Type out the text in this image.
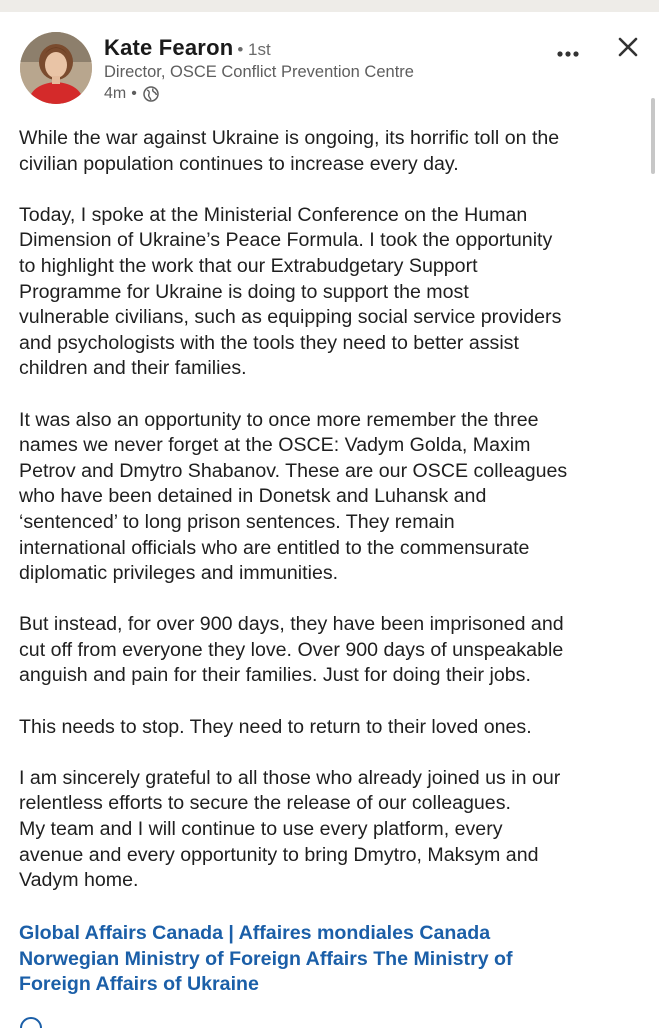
Kate Fearon • 1st
Director, OSCE Conflict Prevention Centre
4m •

While the war against Ukraine is ongoing, its horrific toll on the
civilian population continues to increase every day.

Today, I spoke at the Ministerial Conference on the Human
Dimension of Ukraine’s Peace Formula. I took the opportunity
to highlight the work that our Extrabudgetary Support
Programme for Ukraine is doing to support the most
vulnerable civilians, such as equipping social service providers
and psychologists with the tools they need to better assist
children and their families.

It was also an opportunity to once more remember the three
names we never forget at the OSCE: Vadym Golda, Maxim
Petrov and Dmytro Shabanov. These are our OSCE colleagues
who have been detained in Donetsk and Luhansk and
‘sentenced’ to long prison sentences. They remain
international officials who are entitled to the commensurate
diplomatic privileges and immunities.

But instead, for over 900 days, they have been imprisoned and
cut off from everyone they love. Over 900 days of unspeakable
anguish and pain for their families. Just for doing their jobs.

This needs to stop. They need to return to their loved ones.

I am sincerely grateful to all those who already joined us in our
relentless efforts to secure the release of our colleagues.
My team and I will continue to use every platform, every
avenue and every opportunity to bring Dmytro, Maksym and
Vadym home.

Global Affairs Canada | Affaires mondiales Canada
Norwegian Ministry of Foreign Affairs The Ministry of
Foreign Affairs of Ukraine
